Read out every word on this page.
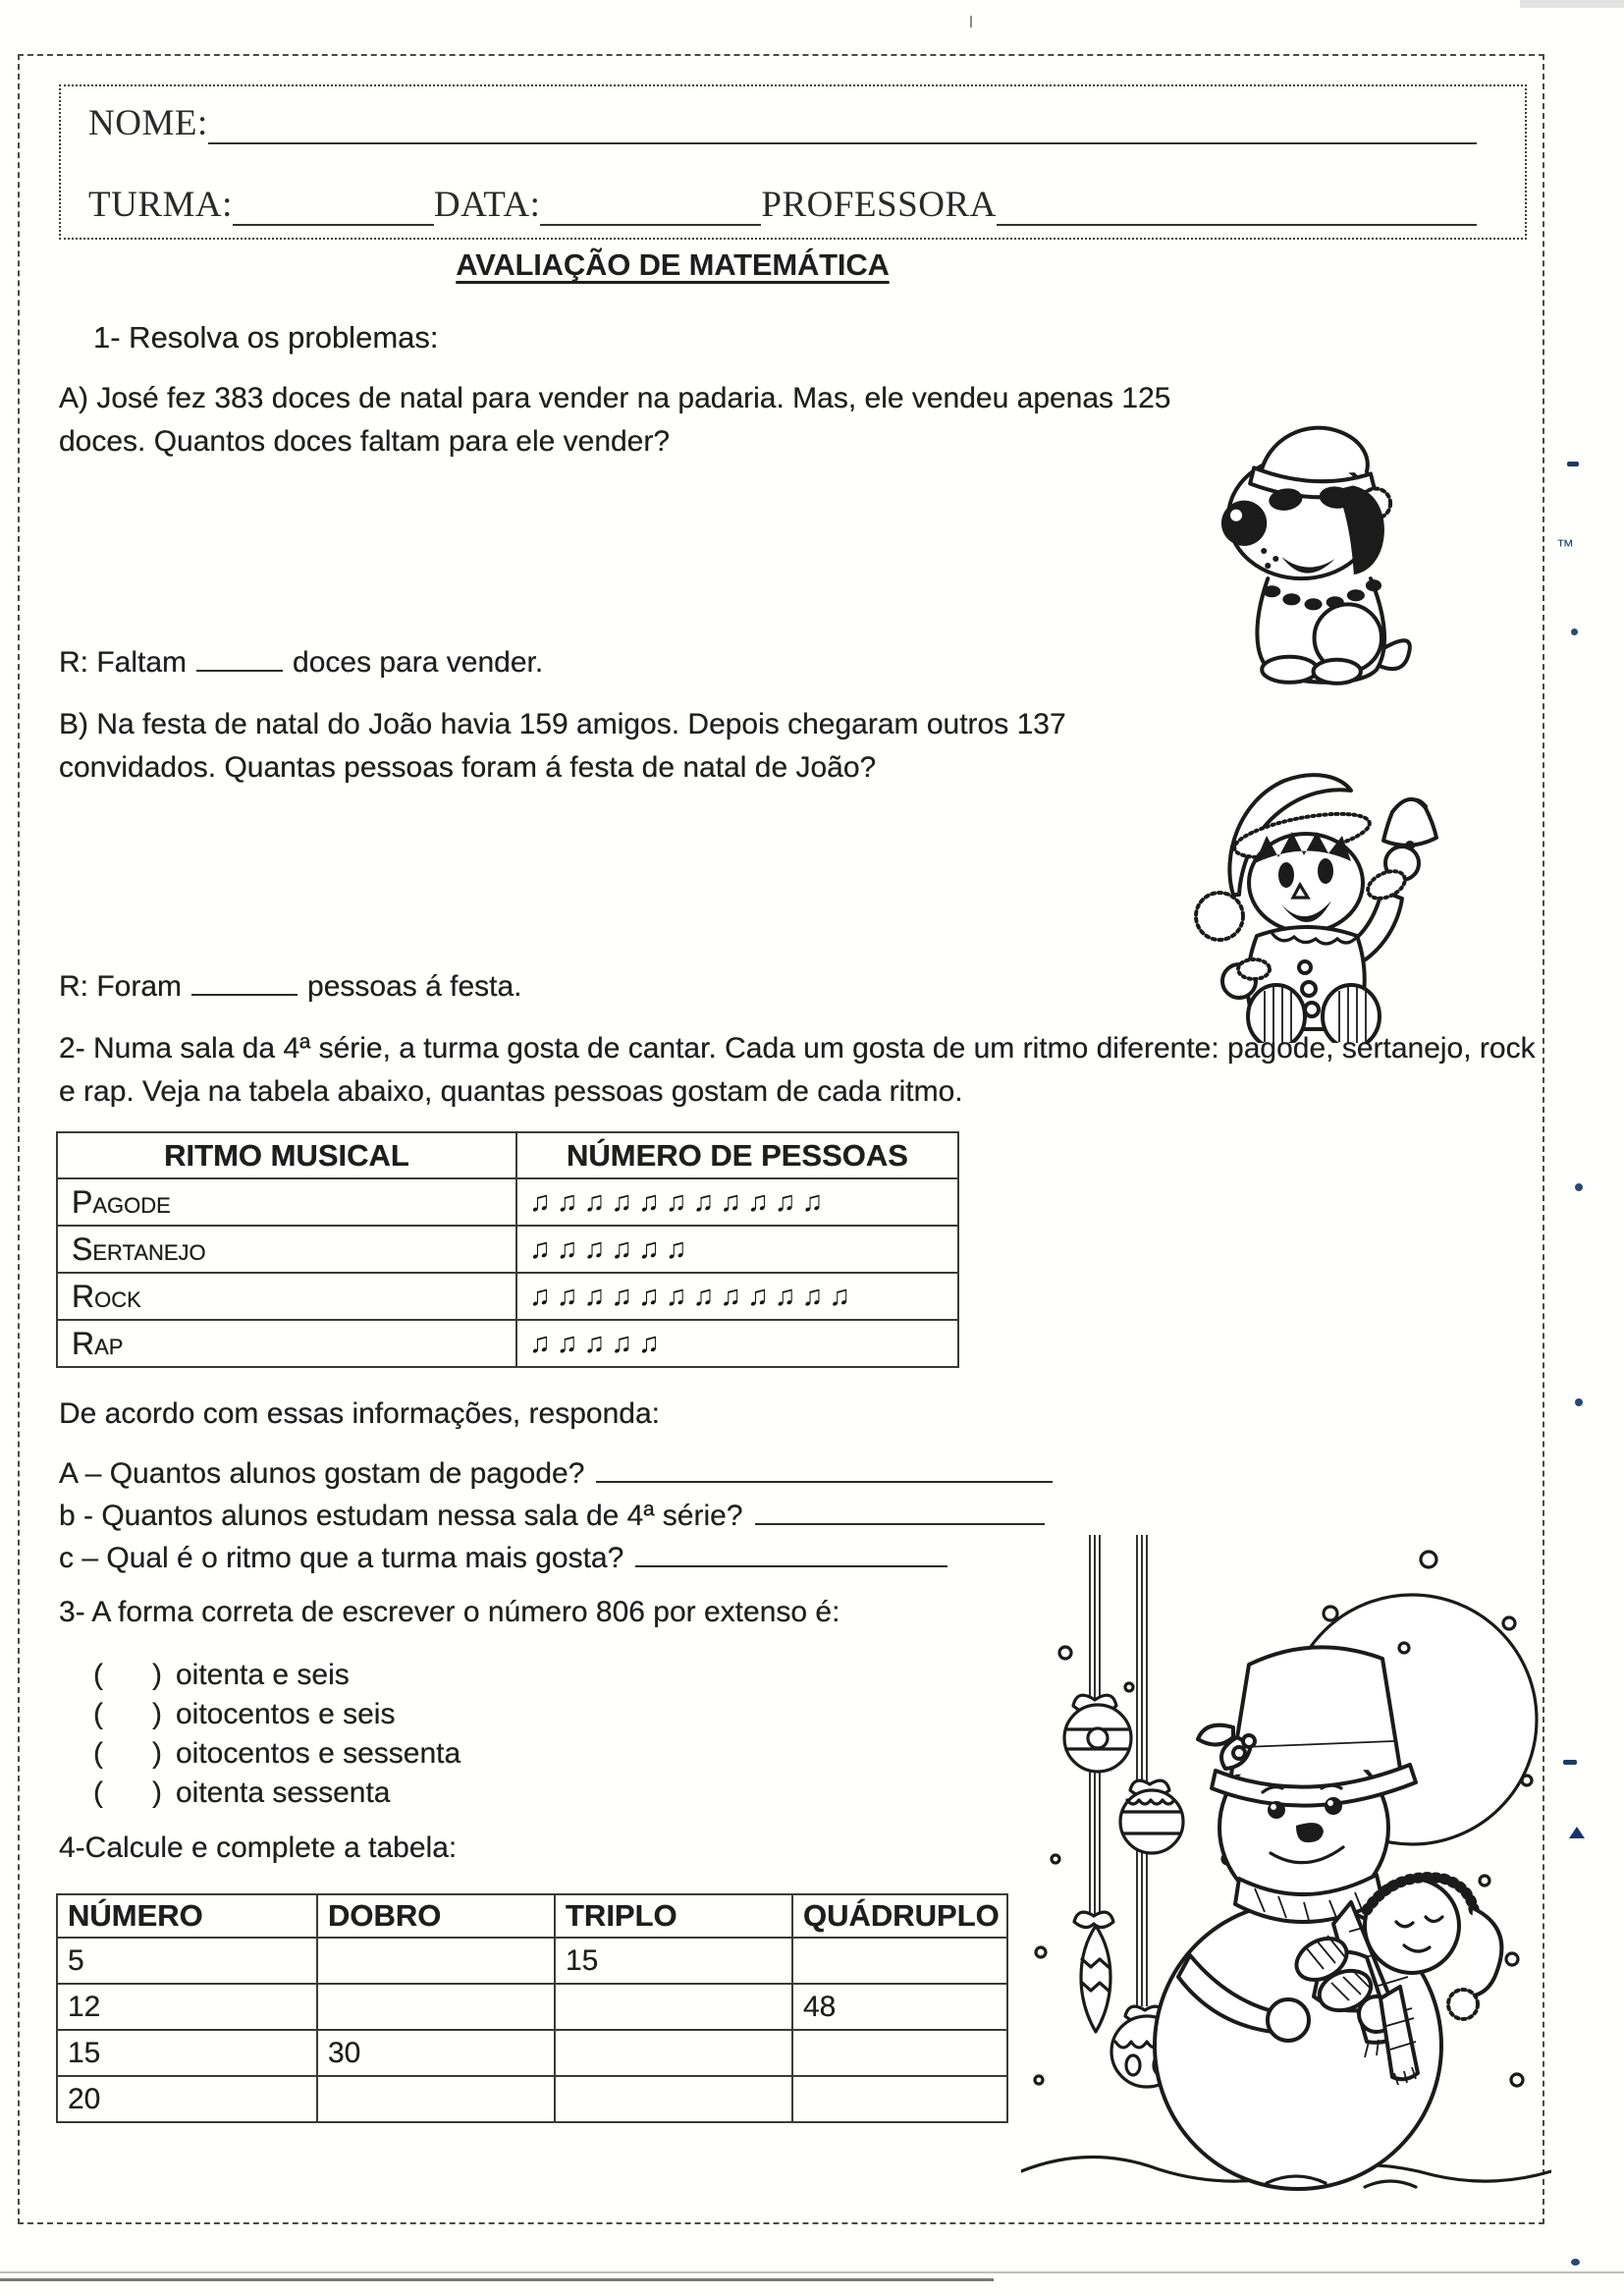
NOME:
TURMA:	DATA:	PROFESSORA
AVALIAÇÃO DE MATEMÁTICA
1- Resolva os problemas:
A) José fez 383 doces de natal para vender na padaria. Mas, ele vendeu apenas 125 doces. Quantos doces faltam para ele vender?
R: Faltam	doces para vender.
B) Na festa de natal do João havia 159 amigos. Depois chegaram outros 137 convidados. Quantas pessoas foram á festa de natal de João?
R: Foram	pessoas á festa.
2- Numa sala da 4ª série, a turma gosta de cantar. Cada um gosta de um ritmo diferente: pagode, sertanejo, rock e rap. Veja na tabela abaixo, quantas pessoas gostam de cada ritmo.
RITMO MUSICAL	NÚMERO DE PESSOAS
Pagode	♫♫♫♫♫♫♫♫♫♫♫
Sertanejo	♫♫♫♫♫♫
Rock	♫♫♫♫♫♫♫♫♫♫♫♫
Rap	♫♫♫♫♫
De acordo com essas informações, responda:
A – Quantos alunos gostam de pagode?
b - Quantos alunos estudam nessa sala de 4ª série?
c – Qual é o ritmo que a turma mais gosta?
3- A forma correta de escrever o número 806 por extenso é:
(      ) oitenta e seis
(      ) oitocentos e seis
(      ) oitocentos e sessenta
(      ) oitenta sessenta
4-Calcule e complete a tabela:
NÚMERO	DOBRO	TRIPLO	QUÁDRUPLO
5		15	
12			48
15	30		
20			
™
